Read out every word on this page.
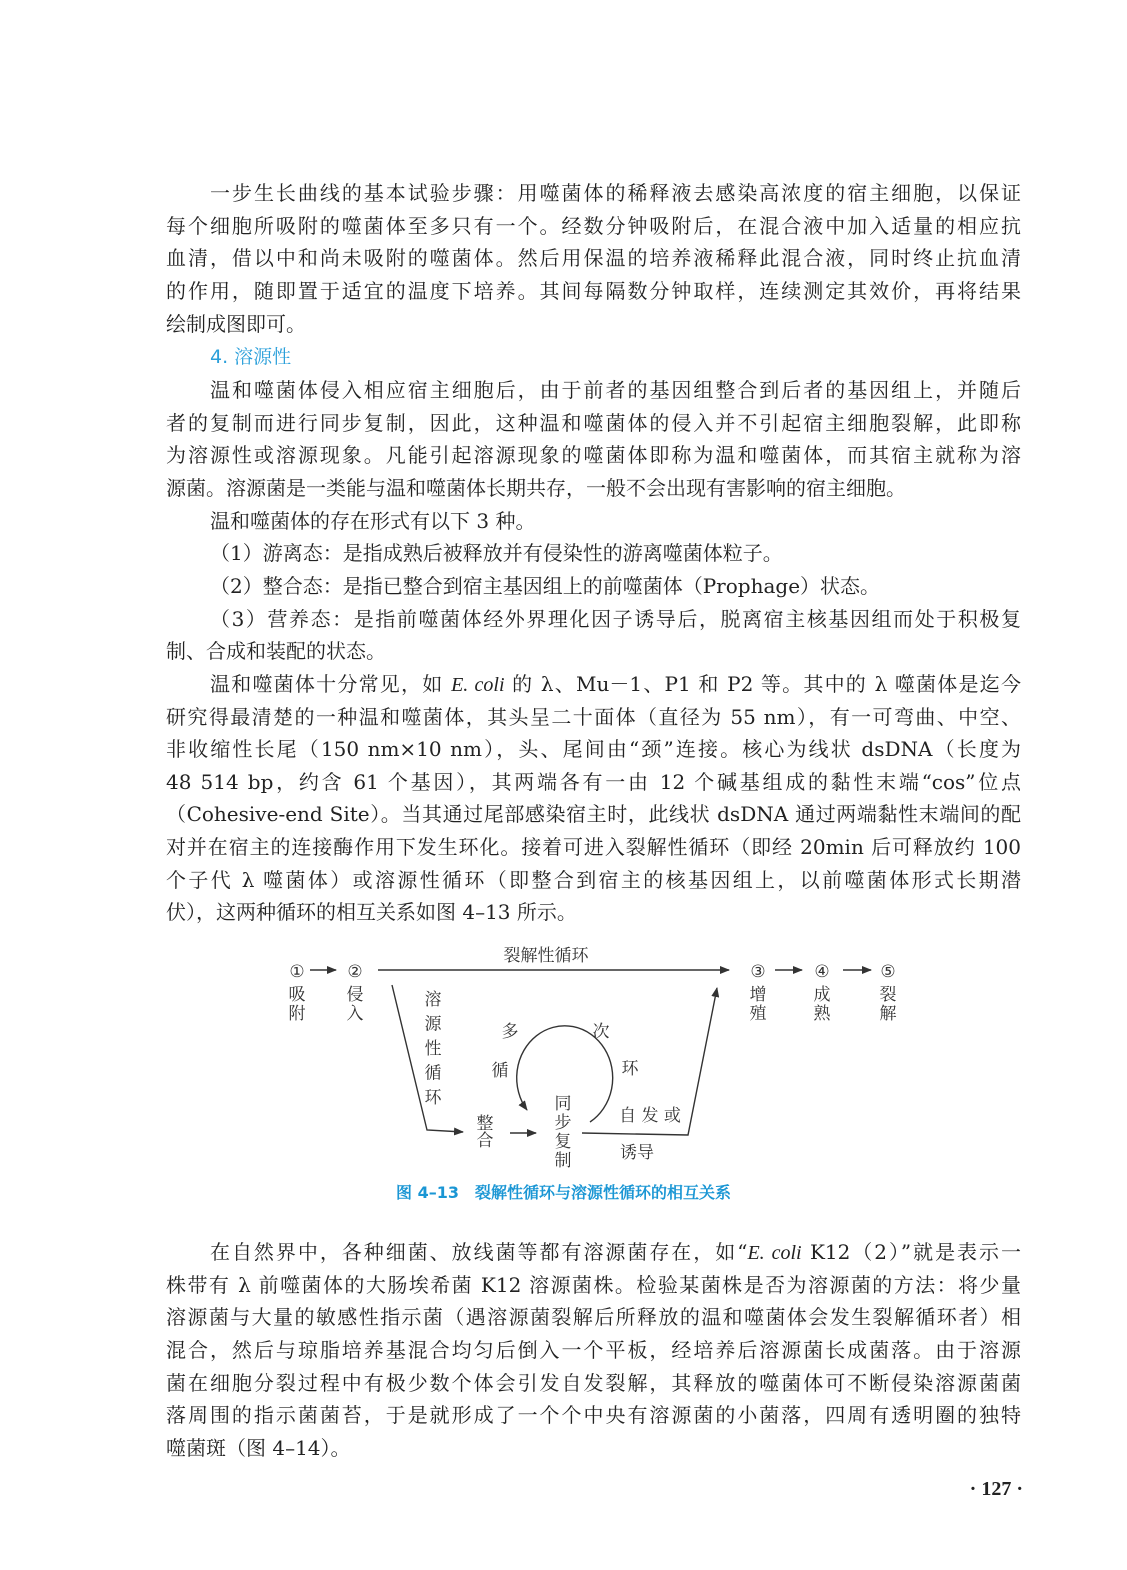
一步生长曲线的基本试验步骤：用噬菌体的稀释液去感染高浓度的宿主细胞，以保证
每个细胞所吸附的噬菌体至多只有一个。经数分钟吸附后，在混合液中加入适量的相应抗
血清，借以中和尚未吸附的噬菌体。然后用保温的培养液稀释此混合液，同时终止抗血清
的作用，随即置于适宜的温度下培养。其间每隔数分钟取样，连续测定其效价，再将结果
绘制成图即可。
4. 溶源性
温和噬菌体侵入相应宿主细胞后，由于前者的基因组整合到后者的基因组上，并随后
者的复制而进行同步复制，因此，这种温和噬菌体的侵入并不引起宿主细胞裂解，此即称
为溶源性或溶源现象。凡能引起溶源现象的噬菌体即称为温和噬菌体，而其宿主就称为溶
源菌。溶源菌是一类能与温和噬菌体长期共存，一般不会出现有害影响的宿主细胞。
温和噬菌体的存在形式有以下 3 种。
（1）游离态：是指成熟后被释放并有侵染性的游离噬菌体粒子。
（2）整合态：是指已整合到宿主基因组上的前噬菌体（Prophage）状态。
（3）营养态：是指前噬菌体经外界理化因子诱导后，脱离宿主核基因组而处于积极复
制、合成和装配的状态。
温和噬菌体十分常见，如 E. coli 的 λ、Mu－1、P1 和 P2 等。其中的 λ 噬菌体是迄今
研究得最清楚的一种温和噬菌体，其头呈二十面体（直径为 55 nm），有一可弯曲、中空、
非收缩性长尾（150 nm×10 nm），头、尾间由“颈”连接。核心为线状 dsDNA（长度为
48 514 bp，约含 61 个基因），其两端各有一由 12 个碱基组成的黏性末端“cos”位点
（Cohesive-end Site）。当其通过尾部感染宿主时，此线状 dsDNA 通过两端黏性末端间的配
对并在宿主的连接酶作用下发生环化。接着可进入裂解性循环（即经 20min 后可释放约 100
个子代 λ 噬菌体）或溶源性循环（即整合到宿主的核基因组上，以前噬菌体形式长期潜
伏），这两种循环的相互关系如图 4–13 所示。
裂解性循环
①
吸
附
②
侵
入
③
增
殖
④
成
熟
⑤
裂
解
溶
源
性
循
环
整
合
同
步
复
制
多	次
循	环
自 发 或
诱导
图 4–13　裂解性循环与溶源性循环的相互关系
在自然界中，各种细菌、放线菌等都有溶源菌存在，如“E. coli K12（2）”就是表示一
株带有 λ 前噬菌体的大肠埃希菌 K12 溶源菌株。检验某菌株是否为溶源菌的方法：将少量
溶源菌与大量的敏感性指示菌（遇溶源菌裂解后所释放的温和噬菌体会发生裂解循环者）相
混合，然后与琼脂培养基混合均匀后倒入一个平板，经培养后溶源菌长成菌落。由于溶源
菌在细胞分裂过程中有极少数个体会引发自发裂解，其释放的噬菌体可不断侵染溶源菌菌
落周围的指示菌菌苔，于是就形成了一个个中央有溶源菌的小菌落，四周有透明圈的独特
噬菌斑（图 4–14）。
· 127 ·
